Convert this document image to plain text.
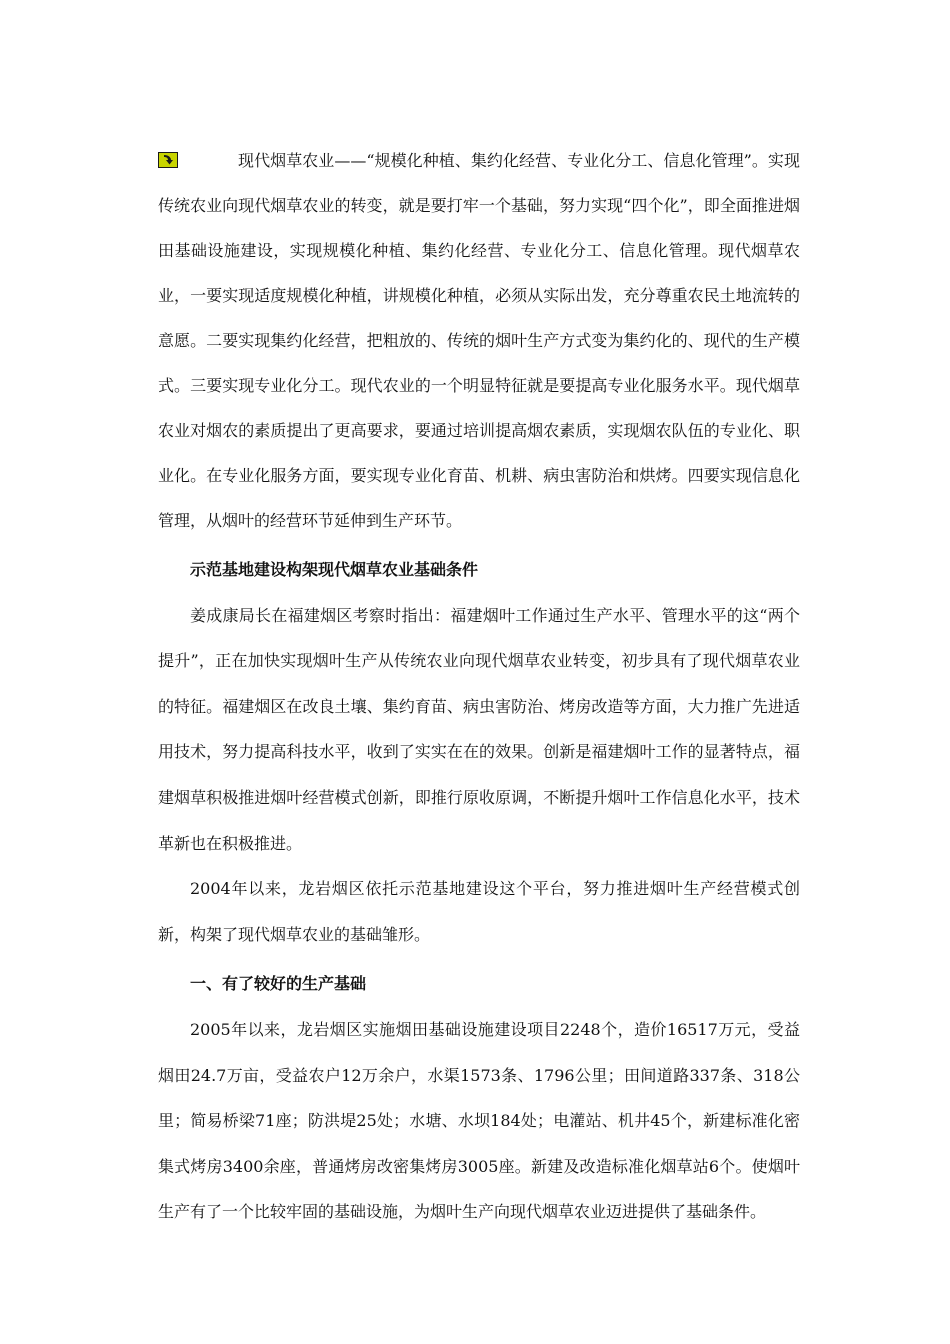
现代烟草农业——“规模化种植、集约化经营、专业化分工、信息化管理”。实现传统农业向现代烟草农业的转变，就是要打牢一个基础，努力实现“四个化”，即全面推进烟田基础设施建设，实现规模化种植、集约化经营、专业化分工、信息化管理。现代烟草农业，一要实现适度规模化种植，讲规模化种植，必须从实际出发，充分尊重农民土地流转的意愿。二要实现集约化经营，把粗放的、传统的烟叶生产方式变为集约化的、现代的生产模式。三要实现专业化分工。现代农业的一个明显特征就是要提高专业化服务水平。现代烟草农业对烟农的素质提出了更高要求，要通过培训提高烟农素质，实现烟农队伍的专业化、职业化。在专业化服务方面，要实现专业化育苗、机耕、病虫害防治和烘烤。四要实现信息化管理，从烟叶的经营环节延伸到生产环节。

示范基地建设构架现代烟草农业基础条件

姜成康局长在福建烟区考察时指出：福建烟叶工作通过生产水平、管理水平的这“两个提升”，正在加快实现烟叶生产从传统农业向现代烟草农业转变，初步具有了现代烟草农业的特征。福建烟区在改良土壤、集约育苗、病虫害防治、烤房改造等方面，大力推广先进适用技术，努力提高科技水平，收到了实实在在的效果。创新是福建烟叶工作的显著特点，福建烟草积极推进烟叶经营模式创新，即推行原收原调，不断提升烟叶工作信息化水平，技术革新也在积极推进。

2004年以来，龙岩烟区依托示范基地建设这个平台，努力推进烟叶生产经营模式创新，构架了现代烟草农业的基础雏形。

一、有了较好的生产基础

2005年以来，龙岩烟区实施烟田基础设施建设项目2248个，造价16517万元，受益烟田24.7万亩，受益农户12万余户，水渠1573条、1796公里；田间道路337条、318公里；简易桥梁71座；防洪堤25处；水塘、水坝184处；电灌站、机井45个，新建标准化密集式烤房3400余座，普通烤房改密集烤房3005座。新建及改造标准化烟草站6个。使烟叶生产有了一个比较牢固的基础设施，为烟叶生产向现代烟草农业迈进提供了基础条件。
